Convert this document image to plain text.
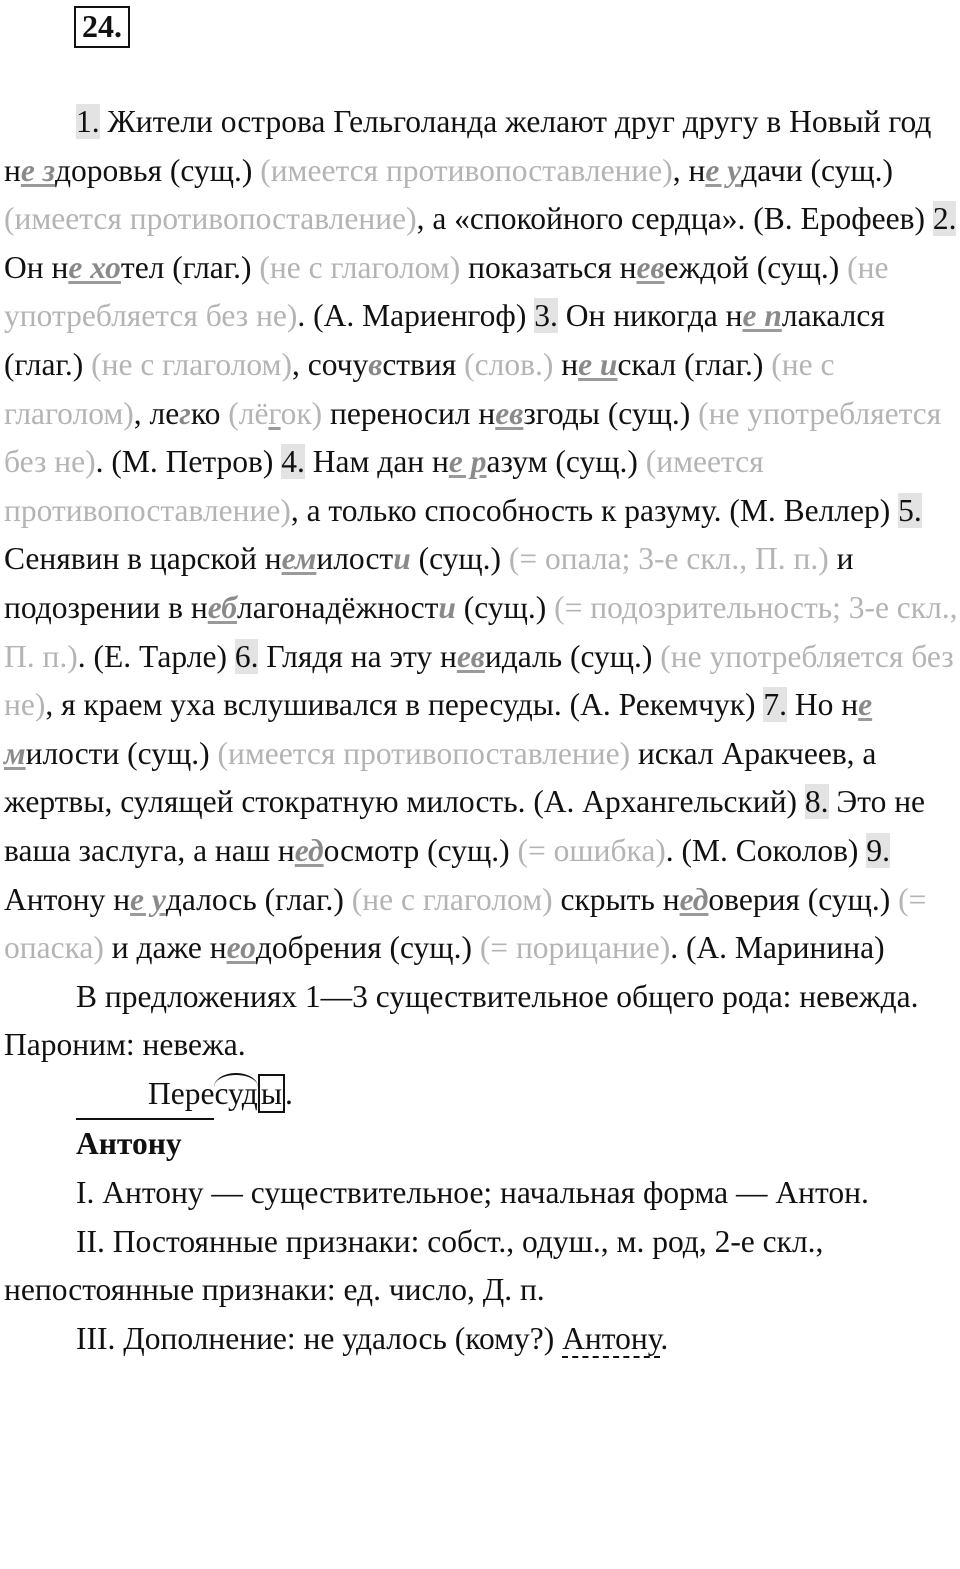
24.

1. Жители острова Гельголанда желают друг другу в Новый год не здоровья (сущ.) (имеется противопоставление), не удачи (сущ.) (имеется противопоставление), а «спокойного сердца». (В. Ерофеев) 2. Он не хотел (глаг.) (не с глаголом) показаться невеждой (сущ.) (не употребляется без не). (А. Мариенгоф) 3. Он никогда не плакался (глаг.) (не с глаголом), сочувствия (слов.) не искал (глаг.) (не с глаголом), легко (лёгок) переносил невзгоды (сущ.) (не употребляется без не). (М. Петров) 4. Нам дан не разум (сущ.) (имеется противопоставление), а только способность к разуму. (М. Веллер) 5. Сенявин в царской немилости (сущ.) (= опала; 3-е скл., П. п.) и подозрении в неблагонадёжности (сущ.) (= подозрительность; 3-е скл., П. п.). (Е. Тарле) 6. Глядя на эту невидаль (сущ.) (не употребляется без не), я краем уха вслушивался в пересуды. (А. Рекемчук) 7. Но не милости (сущ.) (имеется противопоставление) искал Аракчеев, а жертвы, сулящей стократную милость. (А. Архангельский) 8. Это не ваша заслуга, а наш недосмотр (сущ.) (= ошибка). (М. Соколов) 9. Антону не удалось (глаг.) (не с глаголом) скрыть недоверия (сущ.) (= опаска) и даже неодобрения (сущ.) (= порицание). (А. Маринина)

В предложениях 1—3 существительное общего рода: невежда. Пароним: невежа.

Пересуды.

Антону

I. Антону — существительное; начальная форма — Антон.

II. Постоянные признаки: собст., одуш., м. род, 2-е скл., непостоянные признаки: ед. число, Д. п.

III. Дополнение: не удалось (кому?) Антону.
